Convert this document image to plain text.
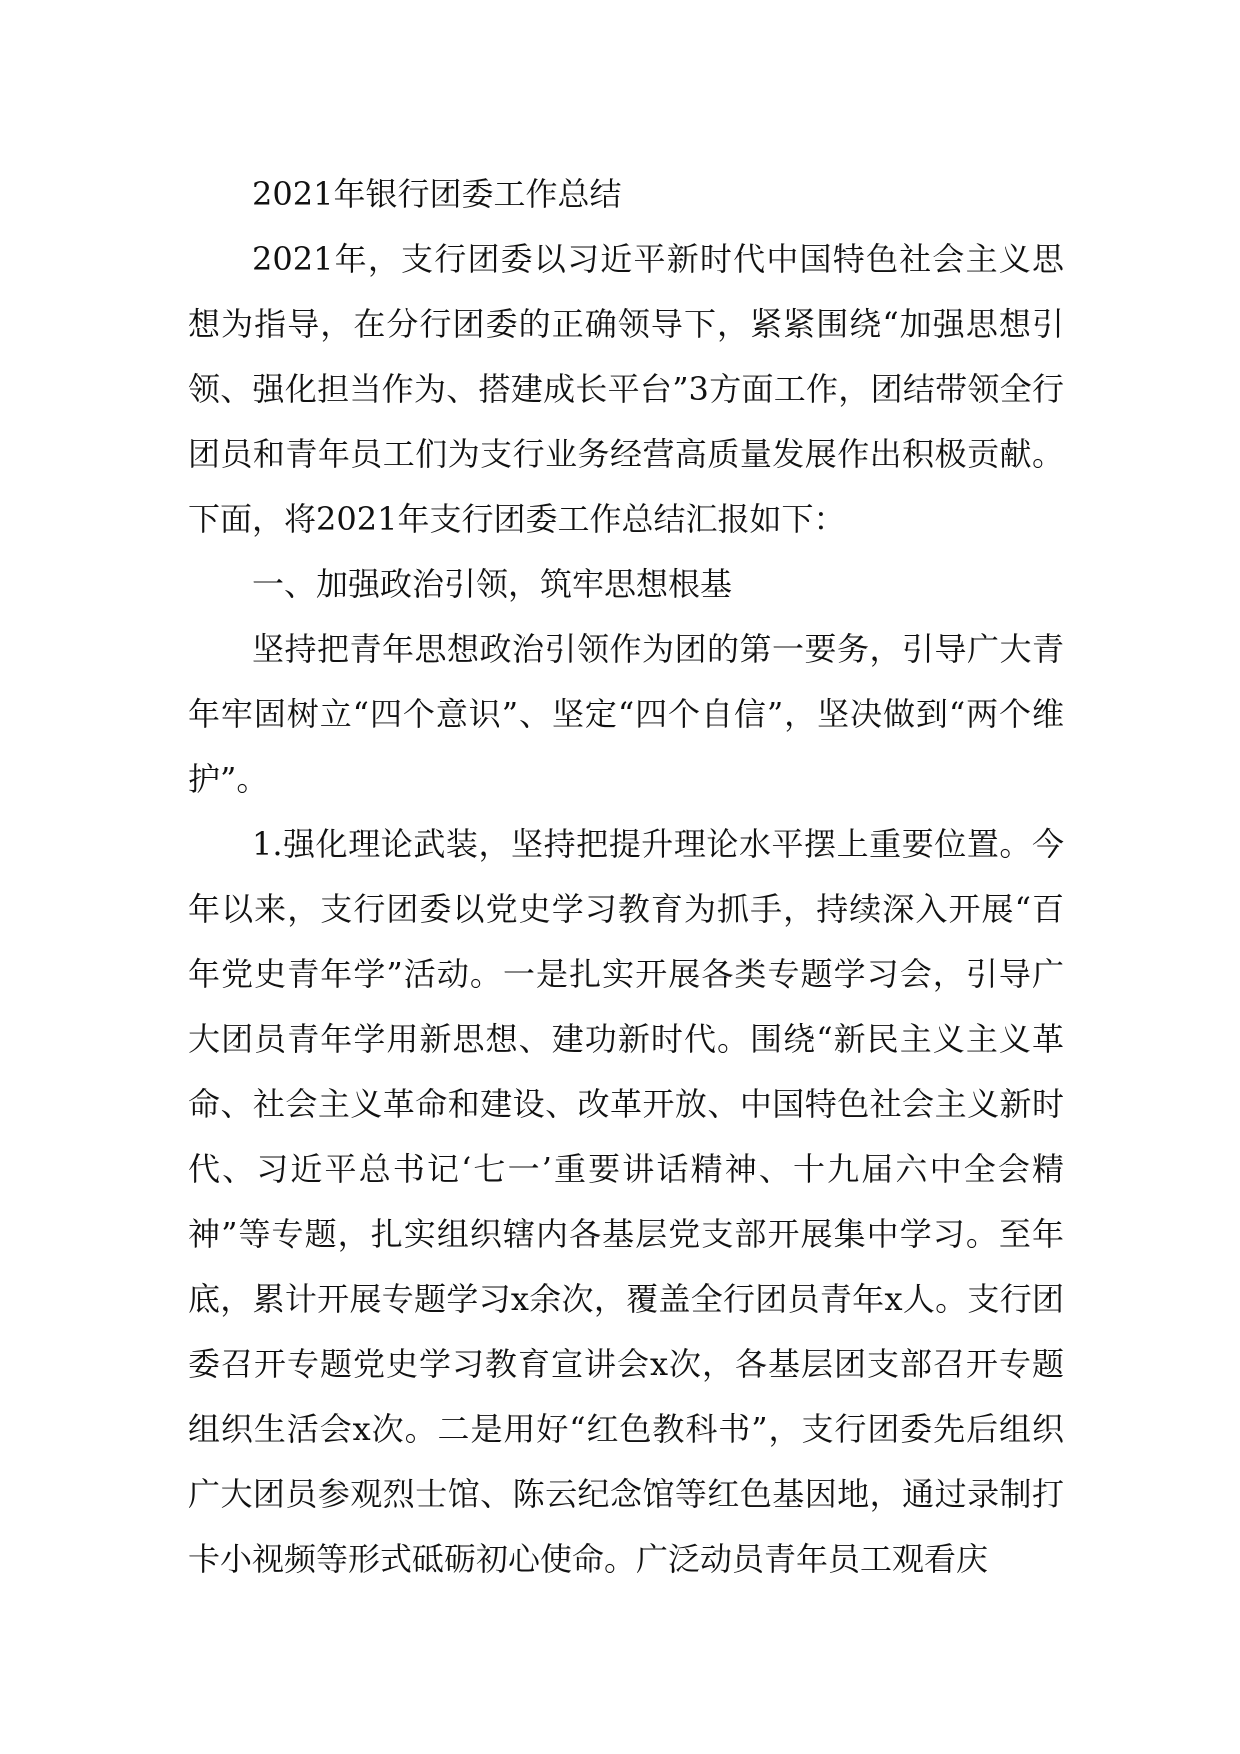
2021年银行团委工作总结

2021年，支行团委以习近平新时代中国特色社会主义思想为指导，在分行团委的正确领导下，紧紧围绕“加强思想引领、强化担当作为、搭建成长平台”3方面工作，团结带领全行团员和青年员工们为支行业务经营高质量发展作出积极贡献。下面，将2021年支行团委工作总结汇报如下：

一、加强政治引领，筑牢思想根基

坚持把青年思想政治引领作为团的第一要务，引导广大青年牢固树立“四个意识”、坚定“四个自信”，坚决做到“两个维护”。

1.强化理论武装，坚持把提升理论水平摆上重要位置。今年以来，支行团委以党史学习教育为抓手，持续深入开展“百年党史青年学”活动。一是扎实开展各类专题学习会，引导广大团员青年学用新思想、建功新时代。围绕“新民主义主义革命、社会主义革命和建设、改革开放、中国特色社会主义新时代、习近平总书记‘七一’重要讲话精神、十九届六中全会精神”等专题，扎实组织辖内各基层党支部开展集中学习。至年底，累计开展专题学习x余次，覆盖全行团员青年x人。支行团委召开专题党史学习教育宣讲会x次，各基层团支部召开专题组织生活会x次。二是用好“红色教科书”，支行团委先后组织广大团员参观烈士馆、陈云纪念馆等红色基因地，通过录制打卡小视频等形式砥砺初心使命。广泛动员青年员工观看庆
